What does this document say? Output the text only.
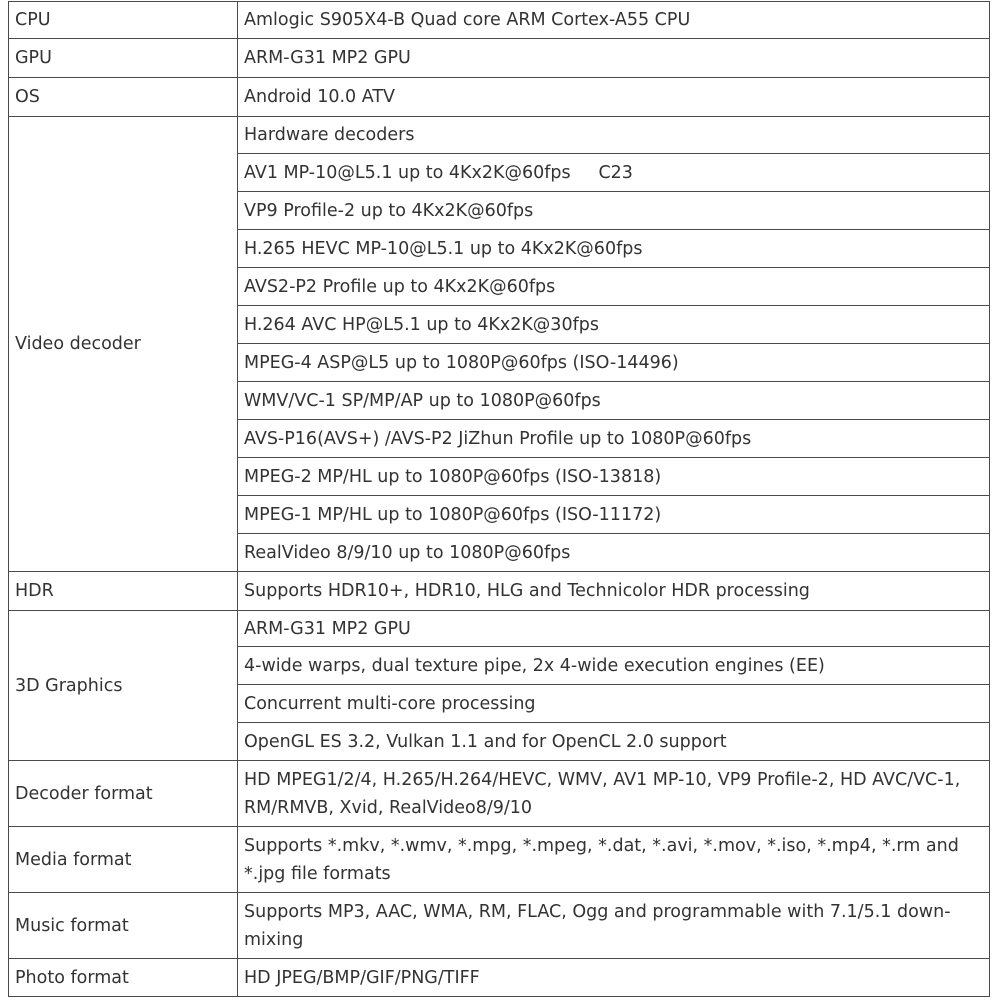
CPU	Amlogic S905X4-B Quad core ARM Cortex-A55 CPU
GPU	ARM-G31 MP2 GPU
OS	Android 10.0 ATV
Video decoder	Hardware decoders
	AV1 MP-10@L5.1 up to 4Kx2K@60fps     C23
	VP9 Profile-2 up to 4Kx2K@60fps
	H.265 HEVC MP-10@L5.1 up to 4Kx2K@60fps
	AVS2-P2 Profile up to 4Kx2K@60fps
	H.264 AVC HP@L5.1 up to 4Kx2K@30fps
	MPEG-4 ASP@L5 up to 1080P@60fps (ISO-14496)
	WMV/VC-1 SP/MP/AP up to 1080P@60fps
	AVS-P16(AVS+) /AVS-P2 JiZhun Profile up to 1080P@60fps
	MPEG-2 MP/HL up to 1080P@60fps (ISO-13818)
	MPEG-1 MP/HL up to 1080P@60fps (ISO-11172)
	RealVideo 8/9/10 up to 1080P@60fps
HDR	Supports HDR10+, HDR10, HLG and Technicolor HDR processing
3D Graphics	ARM-G31 MP2 GPU
	4-wide warps, dual texture pipe, 2x 4-wide execution engines (EE)
	Concurrent multi-core processing
	OpenGL ES 3.2, Vulkan 1.1 and for OpenCL 2.0 support
Decoder format	HD MPEG1/2/4, H.265/H.264/HEVC, WMV, AV1 MP-10, VP9 Profile-2, HD AVC/VC-1, RM/RMVB, Xvid, RealVideo8/9/10
Media format	Supports *.mkv, *.wmv, *.mpg, *.mpeg, *.dat, *.avi, *.mov, *.iso, *.mp4, *.rm and *.jpg file formats
Music format	Supports MP3, AAC, WMA, RM, FLAC, Ogg and programmable with 7.1/5.1 down-mixing
Photo format	HD JPEG/BMP/GIF/PNG/TIFF
